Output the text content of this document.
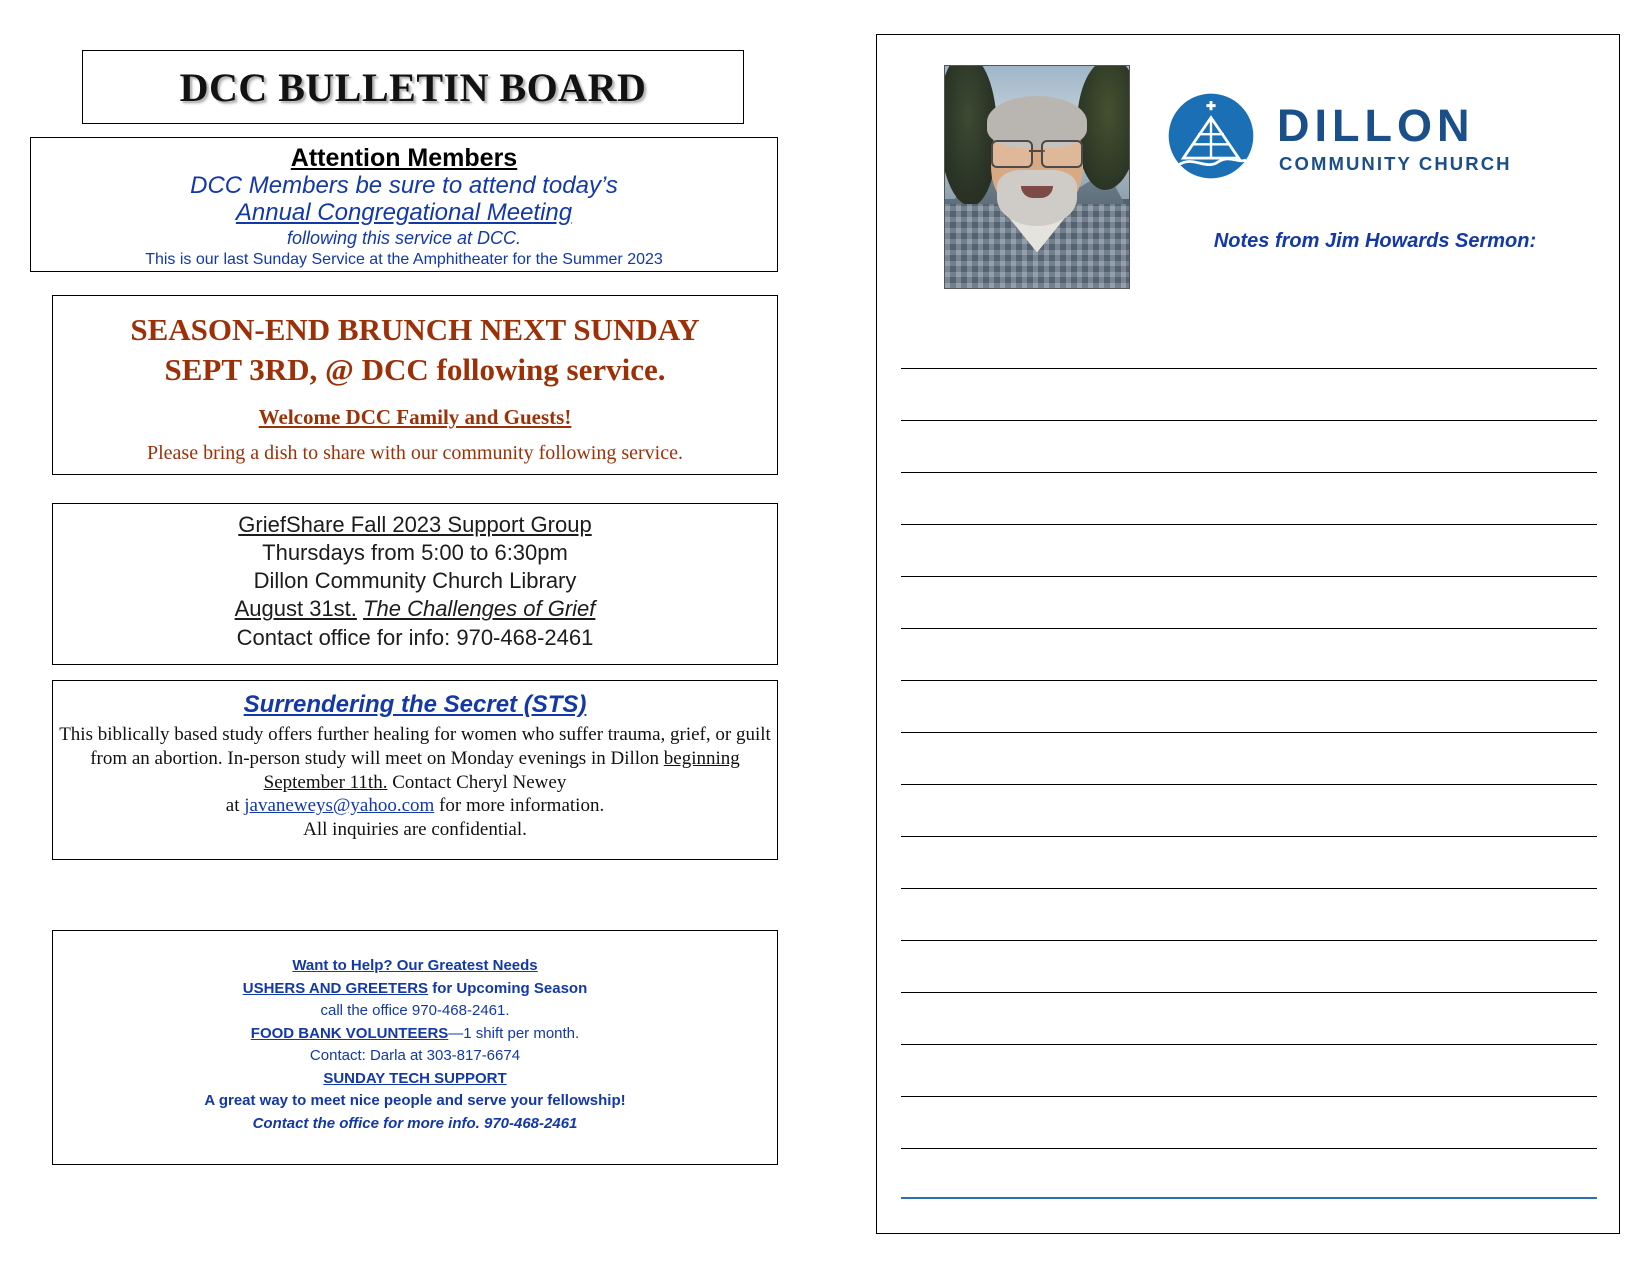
DCC BULLETIN BOARD
Attention Members
DCC Members be sure to attend today’s
Annual Congregational Meeting
following this service at DCC.
This is our last Sunday Service at the Amphitheater for the Summer 2023
SEASON-END BRUNCH NEXT SUNDAY
SEPT 3RD, @ DCC following service.
Welcome DCC Family and Guests!
Please bring a dish to share with our community following service.
GriefShare Fall 2023 Support Group
Thursdays from 5:00 to 6:30pm
Dillon Community Church Library
August 31st. The Challenges of Grief
Contact office for info: 970-468-2461
Surrendering the Secret (STS)
This biblically based study offers further healing for women who suffer trauma, grief, or guilt from an abortion. In-person study will meet on Monday evenings in Dillon beginning September 11th. Contact Cheryl Newey
at javaneweys@yahoo.com for more information.
All inquiries are confidential.
Want to Help? Our Greatest Needs
USHERS AND GREETERS for Upcoming Season
call the office 970-468-2461.
FOOD BANK VOLUNTEERS—1 shift per month.
Contact: Darla at 303-817-6674
SUNDAY TECH SUPPORT
A great way to meet nice people and serve your fellowship!
Contact the office for more info. 970-468-2461
DILLON
COMMUNITY CHURCH
Notes from Jim Howards Sermon:
